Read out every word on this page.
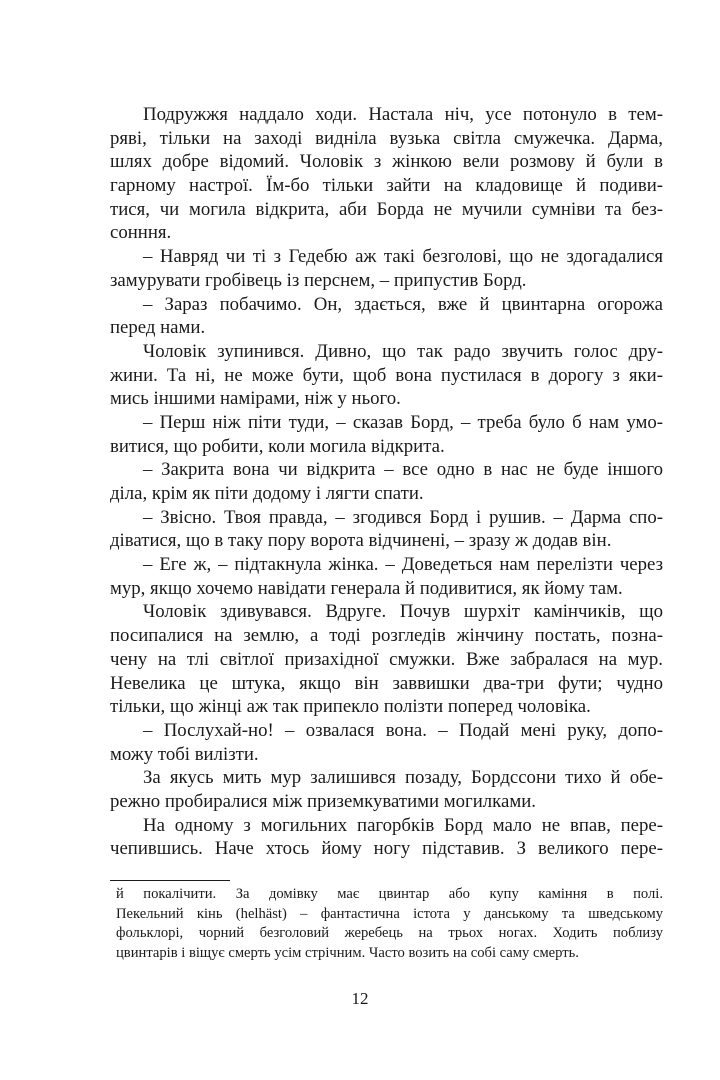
Подружжя наддало ходи. Настала ніч, усе потонуло в тем-
ряві, тільки на заході видніла вузька світла смужечка. Дарма,
шлях добре відомий. Чоловік з жінкою вели розмову й були в
гарному настрої. Їм-бо тільки зайти на кладовище й подиви-
тися, чи могила відкрита, аби Борда не мучили сумніви та без-
сонння.
– Навряд чи ті з Гедебю аж такі безголові, що не здогадалися
замурувати гробівець із перснем, – припустив Борд.
– Зараз побачимо. Он, здається, вже й цвинтарна огорожа
перед нами.
Чоловік зупинився. Дивно, що так радо звучить голос дру-
жини. Та ні, не може бути, щоб вона пустилася в дорогу з яки-
мись іншими намірами, ніж у нього.
– Перш ніж піти туди, – сказав Борд, – треба було б нам умо-
витися, що робити, коли могила відкрита.
– Закрита вона чи відкрита – все одно в нас не буде іншого
діла, крім як піти додому і лягти спати.
– Звісно. Твоя правда, – згодився Борд і рушив. – Дарма спо-
діватися, що в таку пору ворота відчинені, – зразу ж додав він.
– Еге ж, – підтакнула жінка. – Доведеться нам перелізти через
мур, якщо хочемо навідати генерала й подивитися, як йому там.
Чоловік здивувався. Вдруге. Почув шурхіт камінчиків, що
посипалися на землю, а тоді розгледів жінчину постать, позна-
чену на тлі світлої призахідної смужки. Вже забралася на мур.
Невелика це штука, якщо він заввишки два-три фути; чудно
тільки, що жінці аж так припекло полізти поперед чоловіка.
– Послухай-но! – озвалася вона. – Подай мені руку, допо-
можу тобі вилізти.
За якусь мить мур залишився позаду, Бордссони тихо й обе-
режно пробиралися між приземкуватими могилками.
На одному з могильних пагорбків Борд мало не впав, пере-
чепившись. Наче хтось йому ногу підставив. З великого пере-
й покалічити. За домівку має цвинтар або купу каміння в полі.
Пекельний кінь (helhäst) – фантастична істота у данському та шведському
фольклорі, чорний безголовий жеребець на трьох ногах. Ходить поблизу
цвинтарів і віщує смерть усім стрічним. Часто возить на собі саму смерть.
12
